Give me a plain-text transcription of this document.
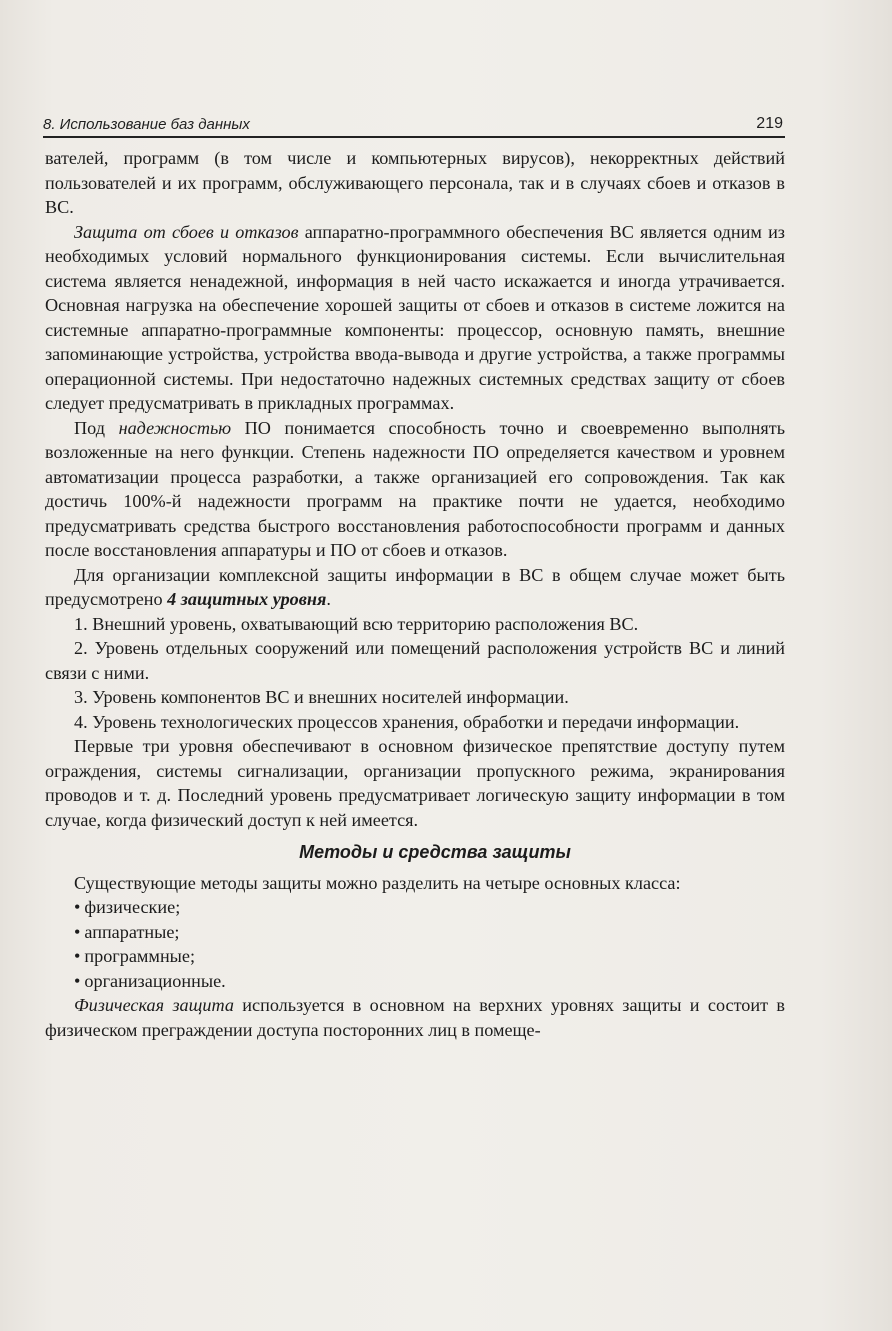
8. Использование баз данных	219

вателей, программ (в том числе и компьютерных вирусов), некорректных действий пользователей и их программ, обслуживающего персонала, так и в случаях сбоев и отказов в ВС.

Защита от сбоев и отказов аппаратно-программного обеспечения ВС является одним из необходимых условий нормального функционирования системы. Если вычислительная система является ненадежной, информация в ней часто искажается и иногда утрачивается. Основная нагрузка на обеспечение хорошей защиты от сбоев и отказов в системе ложится на системные аппаратно-программные компоненты: процессор, основную память, внешние запоминающие устройства, устройства ввода-вывода и другие устройства, а также программы операционной системы. При недостаточно надежных системных средствах защиту от сбоев следует предусматривать в прикладных программах.

Под надежностью ПО понимается способность точно и своевременно выполнять возложенные на него функции. Степень надежности ПО определяется качеством и уровнем автоматизации процесса разработки, а также организацией его сопровождения. Так как достичь 100%-й надежности программ на практике почти не удается, необходимо предусматривать средства быстрого восстановления работоспособности программ и данных после восстановления аппаратуры и ПО от сбоев и отказов.

Для организации комплексной защиты информации в ВС в общем случае может быть предусмотрено 4 защитных уровня.

1. Внешний уровень, охватывающий всю территорию расположения ВС.

2. Уровень отдельных сооружений или помещений расположения устройств ВС и линий связи с ними.

3. Уровень компонентов ВС и внешних носителей информации.

4. Уровень технологических процессов хранения, обработки и передачи информации.

Первые три уровня обеспечивают в основном физическое препятствие доступу путем ограждения, системы сигнализации, организации пропускного режима, экранирования проводов и т. д. Последний уровень предусматривает логическую защиту информации в том случае, когда физический доступ к ней имеется.

Методы и средства защиты

Существующие методы защиты можно разделить на четыре основных класса:

• физические;
• аппаратные;
• программные;
• организационные.

Физическая защита используется в основном на верхних уровнях защиты и состоит в физическом преграждении доступа посторонних лиц в помеще-
